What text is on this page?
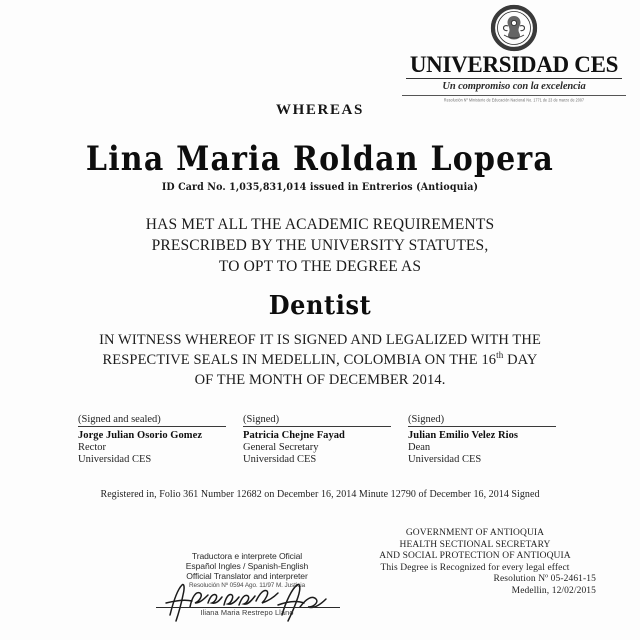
UNIVERSIDAD CES
Un compromiso con la excelencia
Resolución Nº Ministerio de Educación Nacional No. 1771 de 23 de marzo de 2007
WHEREAS
Lina Maria Roldan Lopera
ID Card No. 1,035,831,014 issued in Entrerios (Antioquia)
HAS MET ALL THE ACADEMIC REQUIREMENTS
PRESCRIBED BY THE UNIVERSITY STATUTES,
TO OPT TO THE DEGREE AS
Dentist
IN WITNESS WHEREOF IT IS SIGNED AND LEGALIZED WITH THE
RESPECTIVE SEALS IN MEDELLIN, COLOMBIA ON THE 16th DAY
OF THE MONTH OF DECEMBER 2014.
(Signed and sealed)
Jorge Julian Osorio Gomez
Rector
Universidad CES
(Signed)
Patricia Chejne Fayad
General Secretary
Universidad CES
(Signed)
Julian Emilio Velez Rios
Dean
Universidad CES
Registered in, Folio 361 Number 12682 on December 16, 2014 Minute 12790 of December 16, 2014 Signed
GOVERNMENT OF ANTIOQUIA
HEALTH SECTIONAL SECRETARY
AND SOCIAL PROTECTION OF ANTIOQUIA
This Degree is Recognized for every legal effect
Resolution Nº 05-2461-15
Medellin, 12/02/2015
Traductora e interprete Oficial
Español Ingles / Spanish-English
Official Translator and interpreter
Resolución Nº 0594 Ago. 11/97 M. Justicia
Iliana Maria Restrepo Llano
